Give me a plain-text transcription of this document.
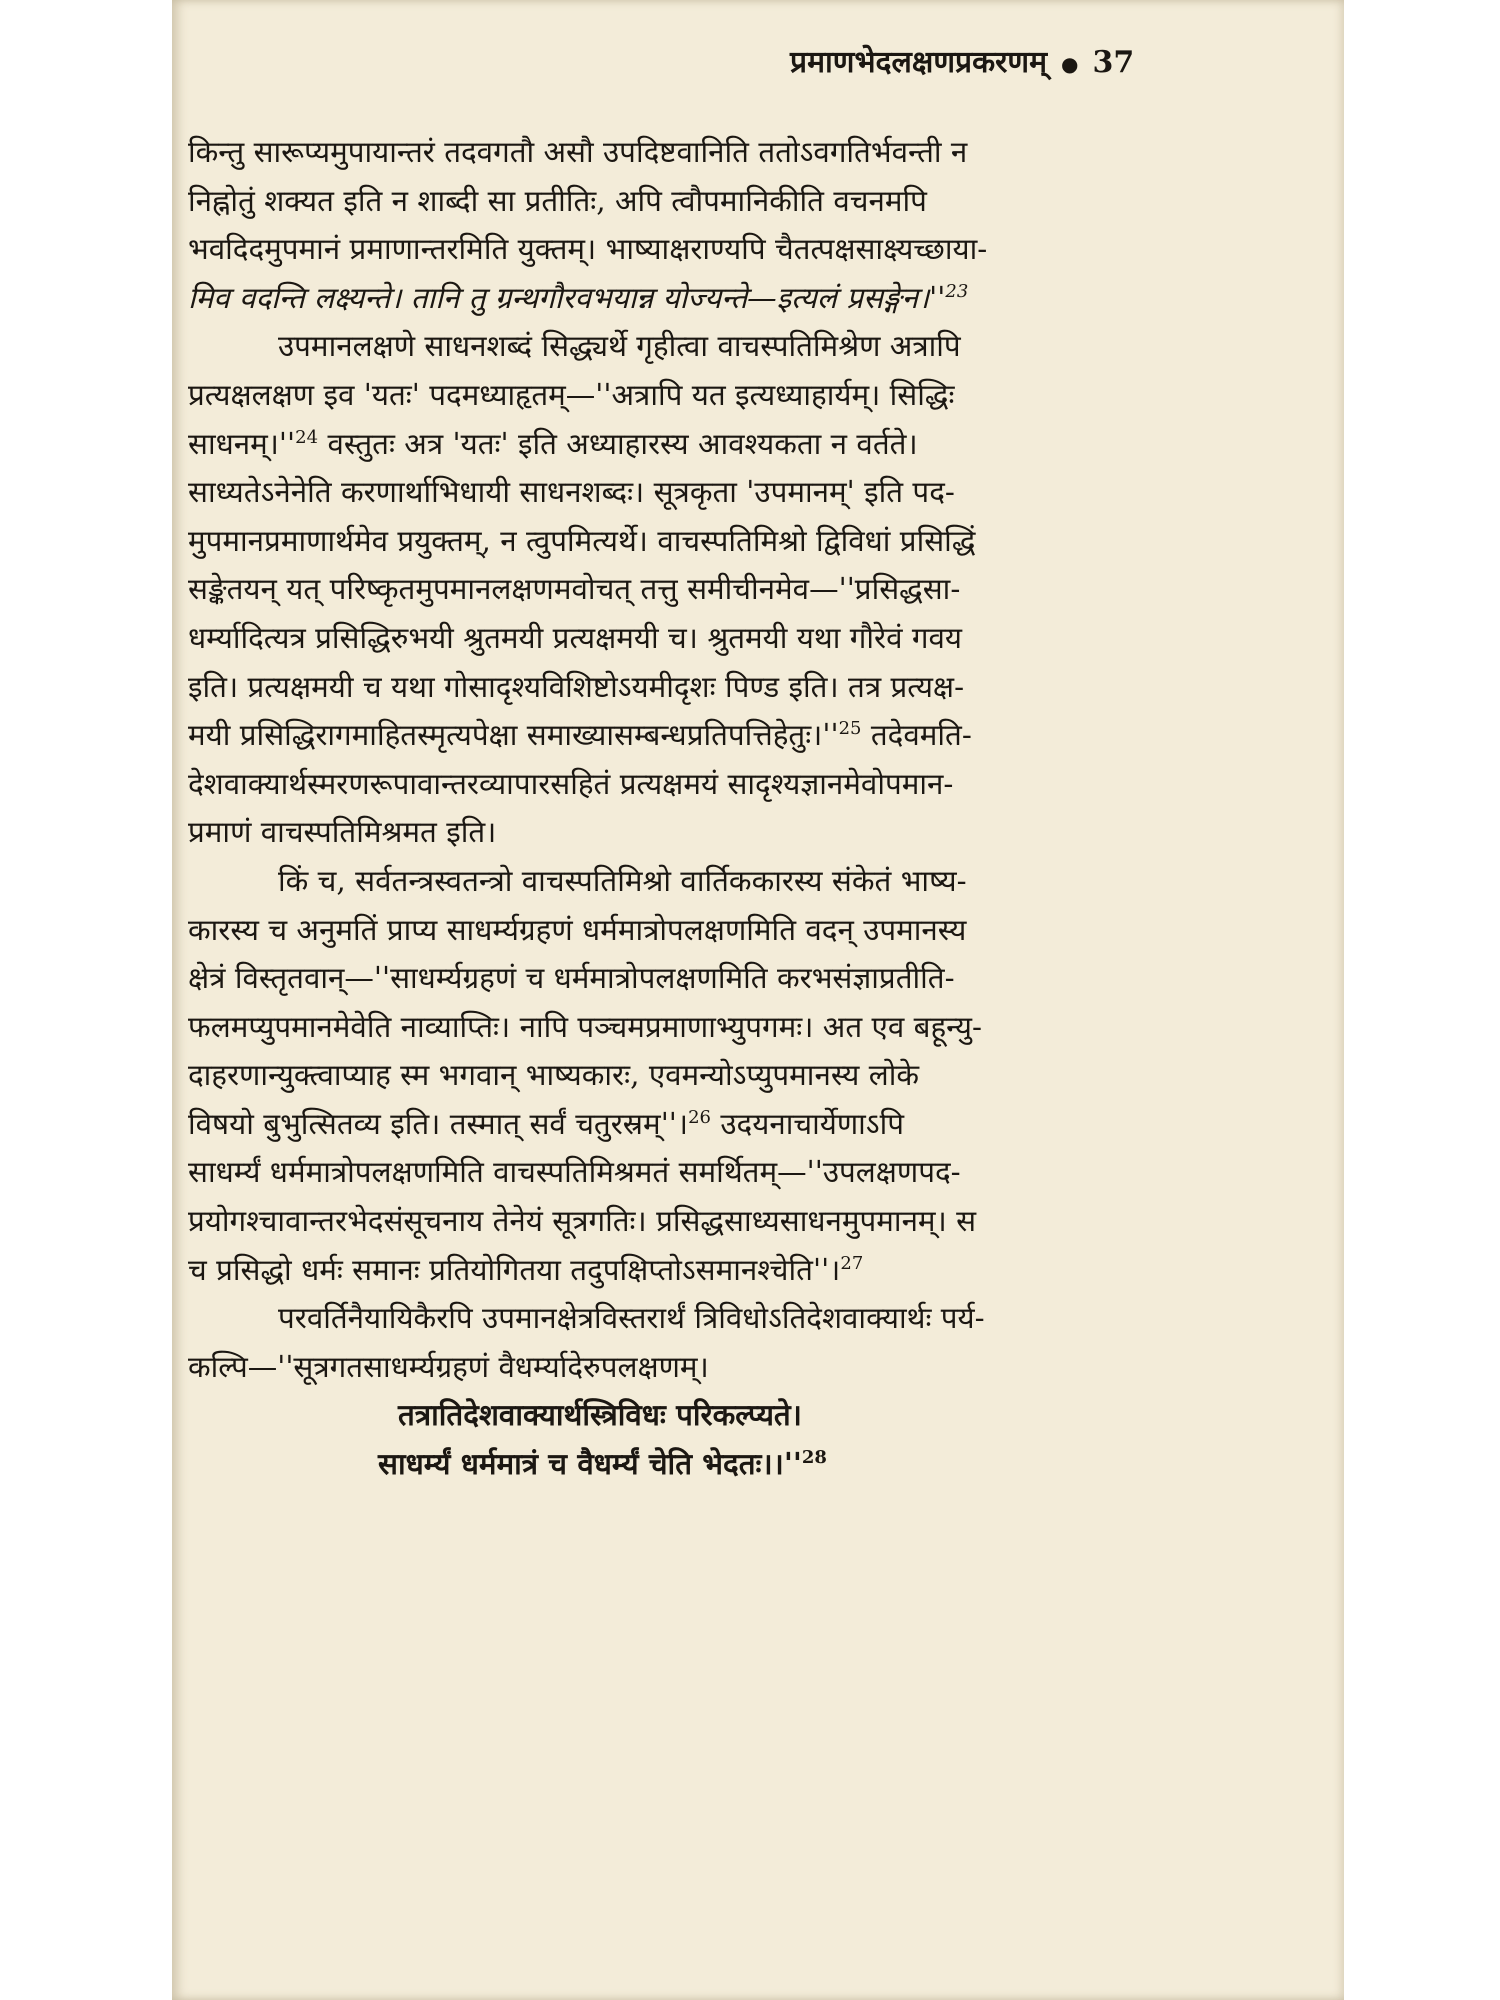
प्रमाणभेदलक्षणप्रकरणम् ● 37
किन्तु सारूप्यमुपायान्तरं तदवगतौ असौ उपदिष्टवानिति ततोऽवगतिर्भवन्ती न
निह्नोतुं शक्यत इति न शाब्दी सा प्रतीतिः, अपि त्वौपमानिकीति वचनमपि
भवदिदमुपमानं प्रमाणान्तरमिति युक्तम्। भाष्याक्षराण्यपि चैतत्पक्षसाक्ष्यच्छाया-
मिव वदन्ति लक्ष्यन्ते। तानि तु ग्रन्थगौरवभयान्न योज्यन्ते—इत्यलं $प्रसङ्गेन।''^{23}$
उपमानलक्षणे साधनशब्दं सिद्ध्यर्थे गृहीत्वा वाचस्पतिमिश्रेण अत्रापि
प्रत्यक्षलक्षण इव 'यतः' पदमध्याहृतम्—''अत्रापि यत इत्यध्याहार्यम्। सिद्धिः
$साधनम्।''^{24}$ वस्तुतः अत्र 'यतः' इति अध्याहारस्य आवश्यकता न वर्तते।
साध्यतेऽनेनेति करणार्थाभिधायी साधनशब्दः। सूत्रकृता 'उपमानम्' इति पद-
मुपमानप्रमाणार्थमेव प्रयुक्तम्, न त्वुपमित्यर्थे। वाचस्पतिमिश्रो द्विविधां प्रसिद्धिं
सङ्केतयन् यत् परिष्कृतमुपमानलक्षणमवोचत् तत्तु समीचीनमेव—''प्रसिद्धसा-
धर्म्यादित्यत्र प्रसिद्धिरुभयी श्रुतमयी प्रत्यक्षमयी च। श्रुतमयी यथा गौरेवं गवय
इति। प्रत्यक्षमयी च यथा गोसादृश्यविशिष्टोऽयमीदृशः पिण्ड इति। तत्र प्रत्यक्ष-
मयी प्रसिद्धिरागमाहितस्मृत्यपेक्षा $समाख्यासम्बन्धप्रतिपत्तिहेतुः।''^{25}$ तदेवमति-
देशवाक्यार्थस्मरणरूपावान्तरव्यापारसहितं प्रत्यक्षमयं सादृश्यज्ञानमेवोपमान-
प्रमाणं वाचस्पतिमिश्रमत इति।
किं च, सर्वतन्त्रस्वतन्त्रो वाचस्पतिमिश्रो वार्तिककारस्य संकेतं भाष्य-
कारस्य च अनुमतिं प्राप्य साधर्म्यग्रहणं धर्ममात्रोपलक्षणमिति वदन् उपमानस्य
क्षेत्रं विस्तृतवान्—''साधर्म्यग्रहणं च धर्ममात्रोपलक्षणमिति करभसंज्ञाप्रतीति-
फलमप्युपमानमेवेति नाव्याप्तिः। नापि पञ्चमप्रमाणाभ्युपगमः। अत एव बहून्यु-
दाहरणान्युक्त्वाप्याह स्म भगवान् भाष्यकारः, एवमन्योऽप्युपमानस्य लोके
विषयो बुभुत्सितव्य इति। तस्मात् सर्वं चतुरस्रम्''।$^{26}$ उदयनाचार्येणाऽपि
साधर्म्यं धर्ममात्रोपलक्षणमिति वाचस्पतिमिश्रमतं समर्थितम्—''उपलक्षणपद-
प्रयोगश्चावान्तरभेदसंसूचनाय तेनेयं सूत्रगतिः। प्रसिद्धसाध्यसाधनमुपमानम्। स
च प्रसिद्धो धर्मः समानः प्रतियोगितया तदुपक्षिप्तोऽसमानश्चेति''।$^{27}$
परवर्तिनैयायिकैरपि उपमानक्षेत्रविस्तरार्थं त्रिविधोऽतिदेशवाक्यार्थः पर्य-
कल्पि—''सूत्रगतसाधर्म्यग्रहणं वैधर्म्यादेरुपलक्षणम्।
तत्रातिदेशवाक्यार्थस्त्रिविधः परिकल्प्यते।
साधर्म्यं धर्ममात्रं च वैधर्म्यं चेति $भेदतः।।''^{28}$
